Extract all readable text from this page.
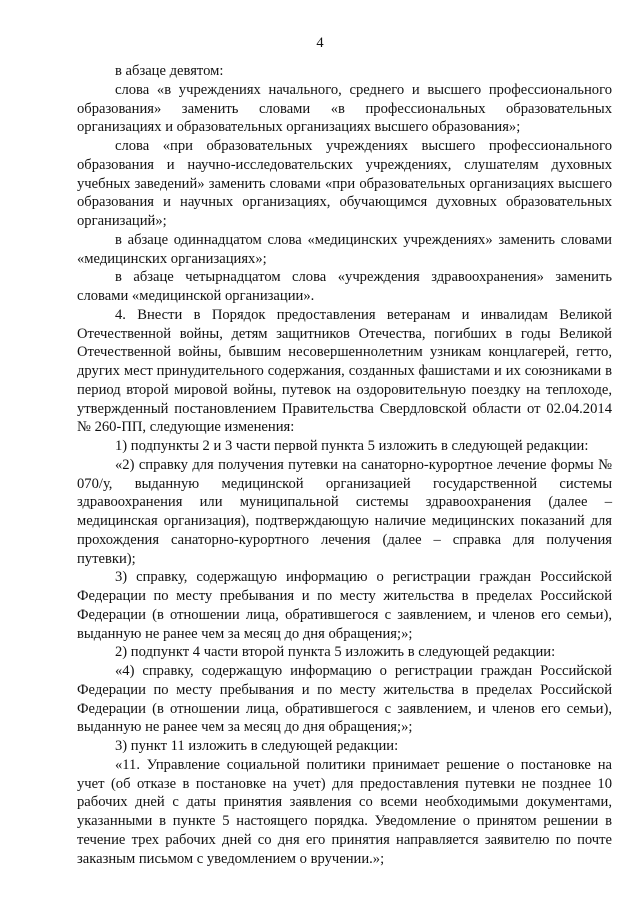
4

в абзаце девятом:

слова «в учреждениях начального, среднего и высшего профессионального образования» заменить словами «в профессиональных образовательных организациях и образовательных организациях высшего образования»;

слова «при образовательных учреждениях высшего профессионального образования и научно-исследовательских учреждениях, слушателям духовных учебных заведений» заменить словами «при образовательных организациях высшего образования и научных организациях, обучающимся духовных образовательных организаций»;

в абзаце одиннадцатом слова «медицинских учреждениях» заменить словами «медицинских организациях»;

в абзаце четырнадцатом слова «учреждения здравоохранения» заменить словами «медицинской организации».

4. Внести в Порядок предоставления ветеранам и инвалидам Великой Отечественной войны, детям защитников Отечества, погибших в годы Великой Отечественной войны, бывшим несовершеннолетним узникам концлагерей, гетто, других мест принудительного содержания, созданных фашистами и их союзниками в период второй мировой войны, путевок на оздоровительную поездку на теплоходе, утвержденный постановлением Правительства Свердловской области от 02.04.2014 № 260-ПП, следующие изменения:

1) подпункты 2 и 3 части первой пункта 5 изложить в следующей редакции:

«2) справку для получения путевки на санаторно-курортное лечение формы № 070/у, выданную медицинской организацией государственной системы здравоохранения или муниципальной системы здравоохранения (далее – медицинская организация), подтверждающую наличие медицинских показаний для прохождения санаторно-курортного лечения (далее – справка для получения путевки);

3) справку, содержащую информацию о регистрации граждан Российской Федерации по месту пребывания и по месту жительства в пределах Российской Федерации (в отношении лица, обратившегося с заявлением, и членов его семьи), выданную не ранее чем за месяц до дня обращения;»;

2) подпункт 4 части второй пункта 5 изложить в следующей редакции:

«4) справку, содержащую информацию о регистрации граждан Российской Федерации по месту пребывания и по месту жительства в пределах Российской Федерации (в отношении лица, обратившегося с заявлением, и членов его семьи), выданную не ранее чем за месяц до дня обращения;»;

3) пункт 11 изложить в следующей редакции:

«11. Управление социальной политики принимает решение о постановке на учет (об отказе в постановке на учет) для предоставления путевки не позднее 10 рабочих дней с даты принятия заявления со всеми необходимыми документами, указанными в пункте 5 настоящего порядка. Уведомление о принятом решении в течение трех рабочих дней со дня его принятия направляется заявителю по почте заказным письмом с уведомлением о вручении.»;
